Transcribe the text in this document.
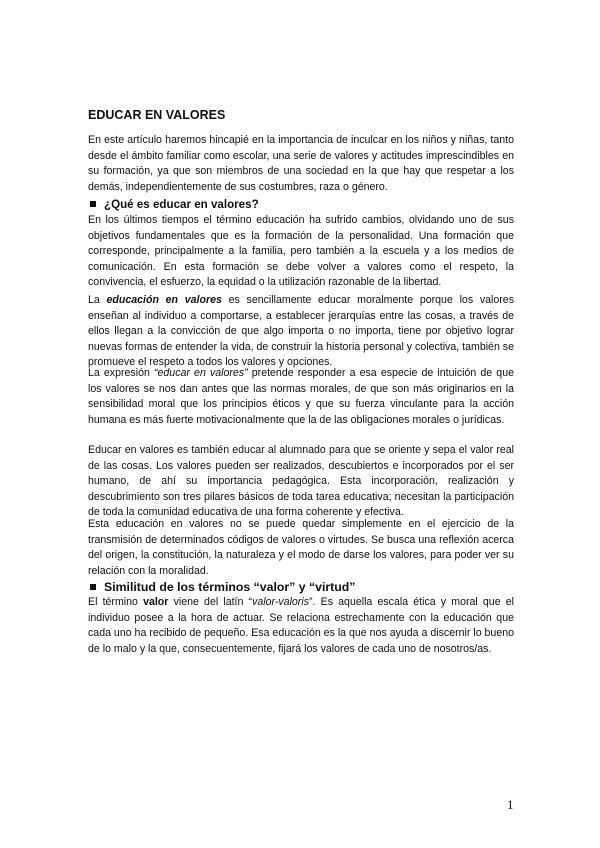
EDUCAR EN VALORES

En este artículo haremos hincapié en la importancia de inculcar en los niños y niñas, tanto desde el ámbito familiar como escolar, una serie de valores y actitudes imprescindibles en su formación, ya que son miembros de una sociedad en la que hay que respetar a los demás, independientemente de sus costumbres, raza o género.

¿Qué es educar en valores?

En los últimos tiempos el término educación ha sufrido cambios, olvidando uno de sus objetivos fundamentales que es la formación de la personalidad. Una formación que corresponde, principalmente a la familia, pero también a la escuela y a los medios de comunicación. En esta formación se debe volver a valores como el respeto, la convivencia, el esfuerzo, la equidad o la utilización razonable de la libertad.

La educación en valores es sencillamente educar moralmente porque los valores enseñan al individuo a comportarse, a establecer jerarquías entre las cosas, a través de ellos llegan a la convicción de que algo importa o no importa, tiene por objetivo lograr nuevas formas de entender la vida, de construir la historia personal y colectiva, también se promueve el respeto a todos los valores y opciones.

La expresión “educar en valores” pretende responder a esa especie de intuición de que los valores se nos dan antes que las normas morales, de que son más originarios en la sensibilidad moral que los principios éticos y que su fuerza vinculante para la acción humana es más fuerte motivacionalmente que la de las obligaciones morales o jurídicas.

Educar en valores es también educar al alumnado para que se oriente y sepa el valor real de las cosas. Los valores pueden ser realizados, descubiertos e incorporados por el ser humano, de ahí su importancia pedagógica. Esta incorporación, realización y descubrimiento son tres pilares básicos de toda tarea educativa; necesitan la participación de toda la comunidad educativa de una forma coherente y efectiva.

Esta educación en valores no se puede quedar simplemente en el ejercicio de la transmisión de determinados códigos de valores o virtudes. Se busca una reflexión acerca del origen, la constitución, la naturaleza y el modo de darse los valores, para poder ver su relación con la moralidad.

Similitud de los términos “valor” y “virtud”

El término valor viene del latín “valor-valoris”. Es aquella escala ética y moral que el individuo posee a la hora de actuar. Se relaciona estrechamente con la educación que cada uno ha recibido de pequeño. Esa educación es la que nos ayuda a discernir lo bueno de lo malo y la que, consecuentemente, fijará los valores de cada uno de nosotros/as.

1
